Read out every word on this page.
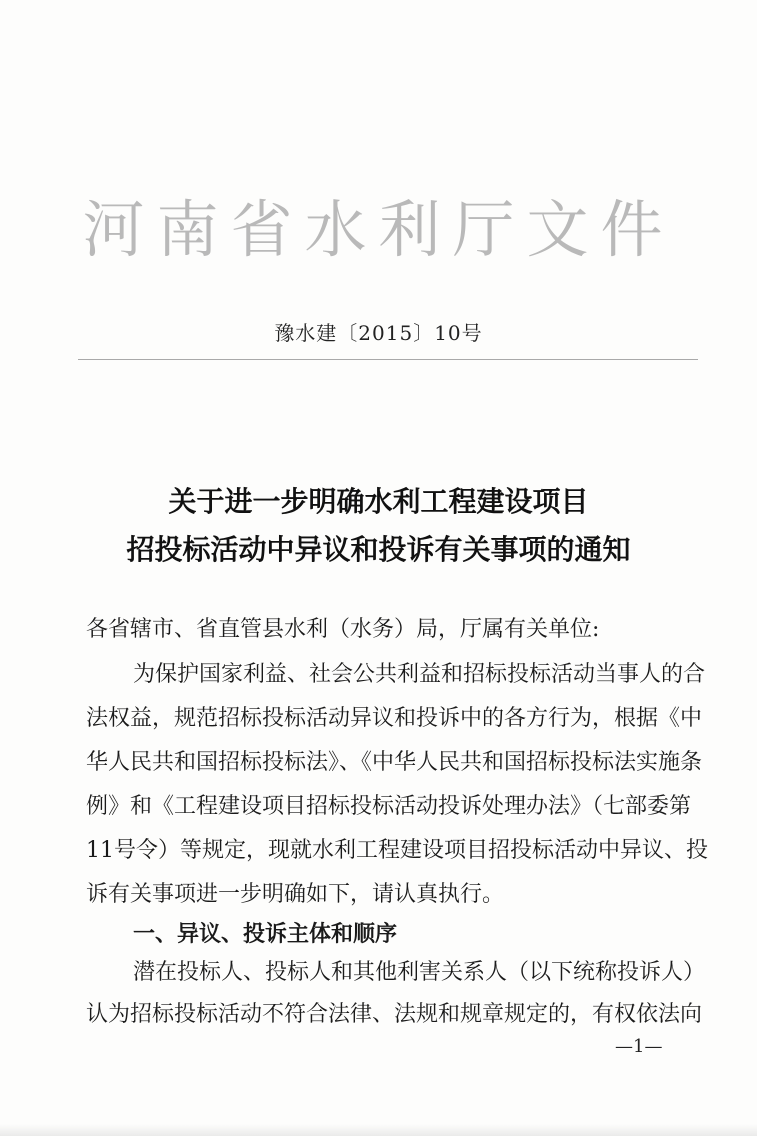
河南省水利厅文件
豫水建〔2015〕10号
关于进一步明确水利工程建设项目
招投标活动中异议和投诉有关事项的通知
各省辖市、省直管县水利（水务）局，厅属有关单位:
为保护国家利益、社会公共利益和招标投标活动当事人的合
法权益，规范招标投标活动异议和投诉中的各方行为，根据《中
华人民共和国招标投标法》、《中华人民共和国招标投标法实施条
例》和《工程建设项目招标投标活动投诉处理办法》（七部委第
11号令）等规定，现就水利工程建设项目招投标活动中异议、投
诉有关事项进一步明确如下，请认真执行。
一、异议、投诉主体和顺序
潜在投标人、投标人和其他利害关系人（以下统称投诉人）
认为招标投标活动不符合法律、法规和规章规定的，有权依法向
—1—
